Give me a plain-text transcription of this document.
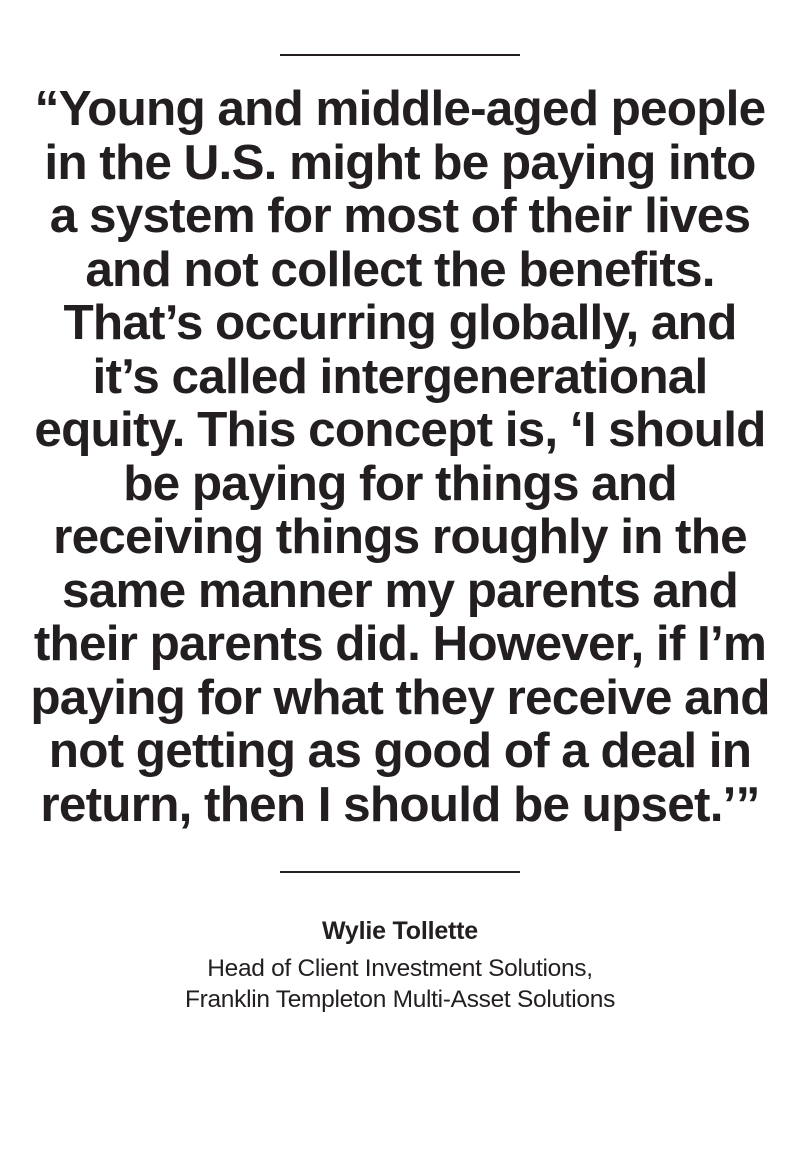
“Young and middle-aged people in the U.S. might be paying into a system for most of their lives and not collect the benefits. That’s occurring globally, and it’s called intergenerational equity. This concept is, ‘I should be paying for things and receiving things roughly in the same manner my parents and their parents did. However, if I’m paying for what they receive and not getting as good of a deal in return, then I should be upset.’”

Wylie Tollette

Head of Client Investment Solutions,
Franklin Templeton Multi-Asset Solutions
